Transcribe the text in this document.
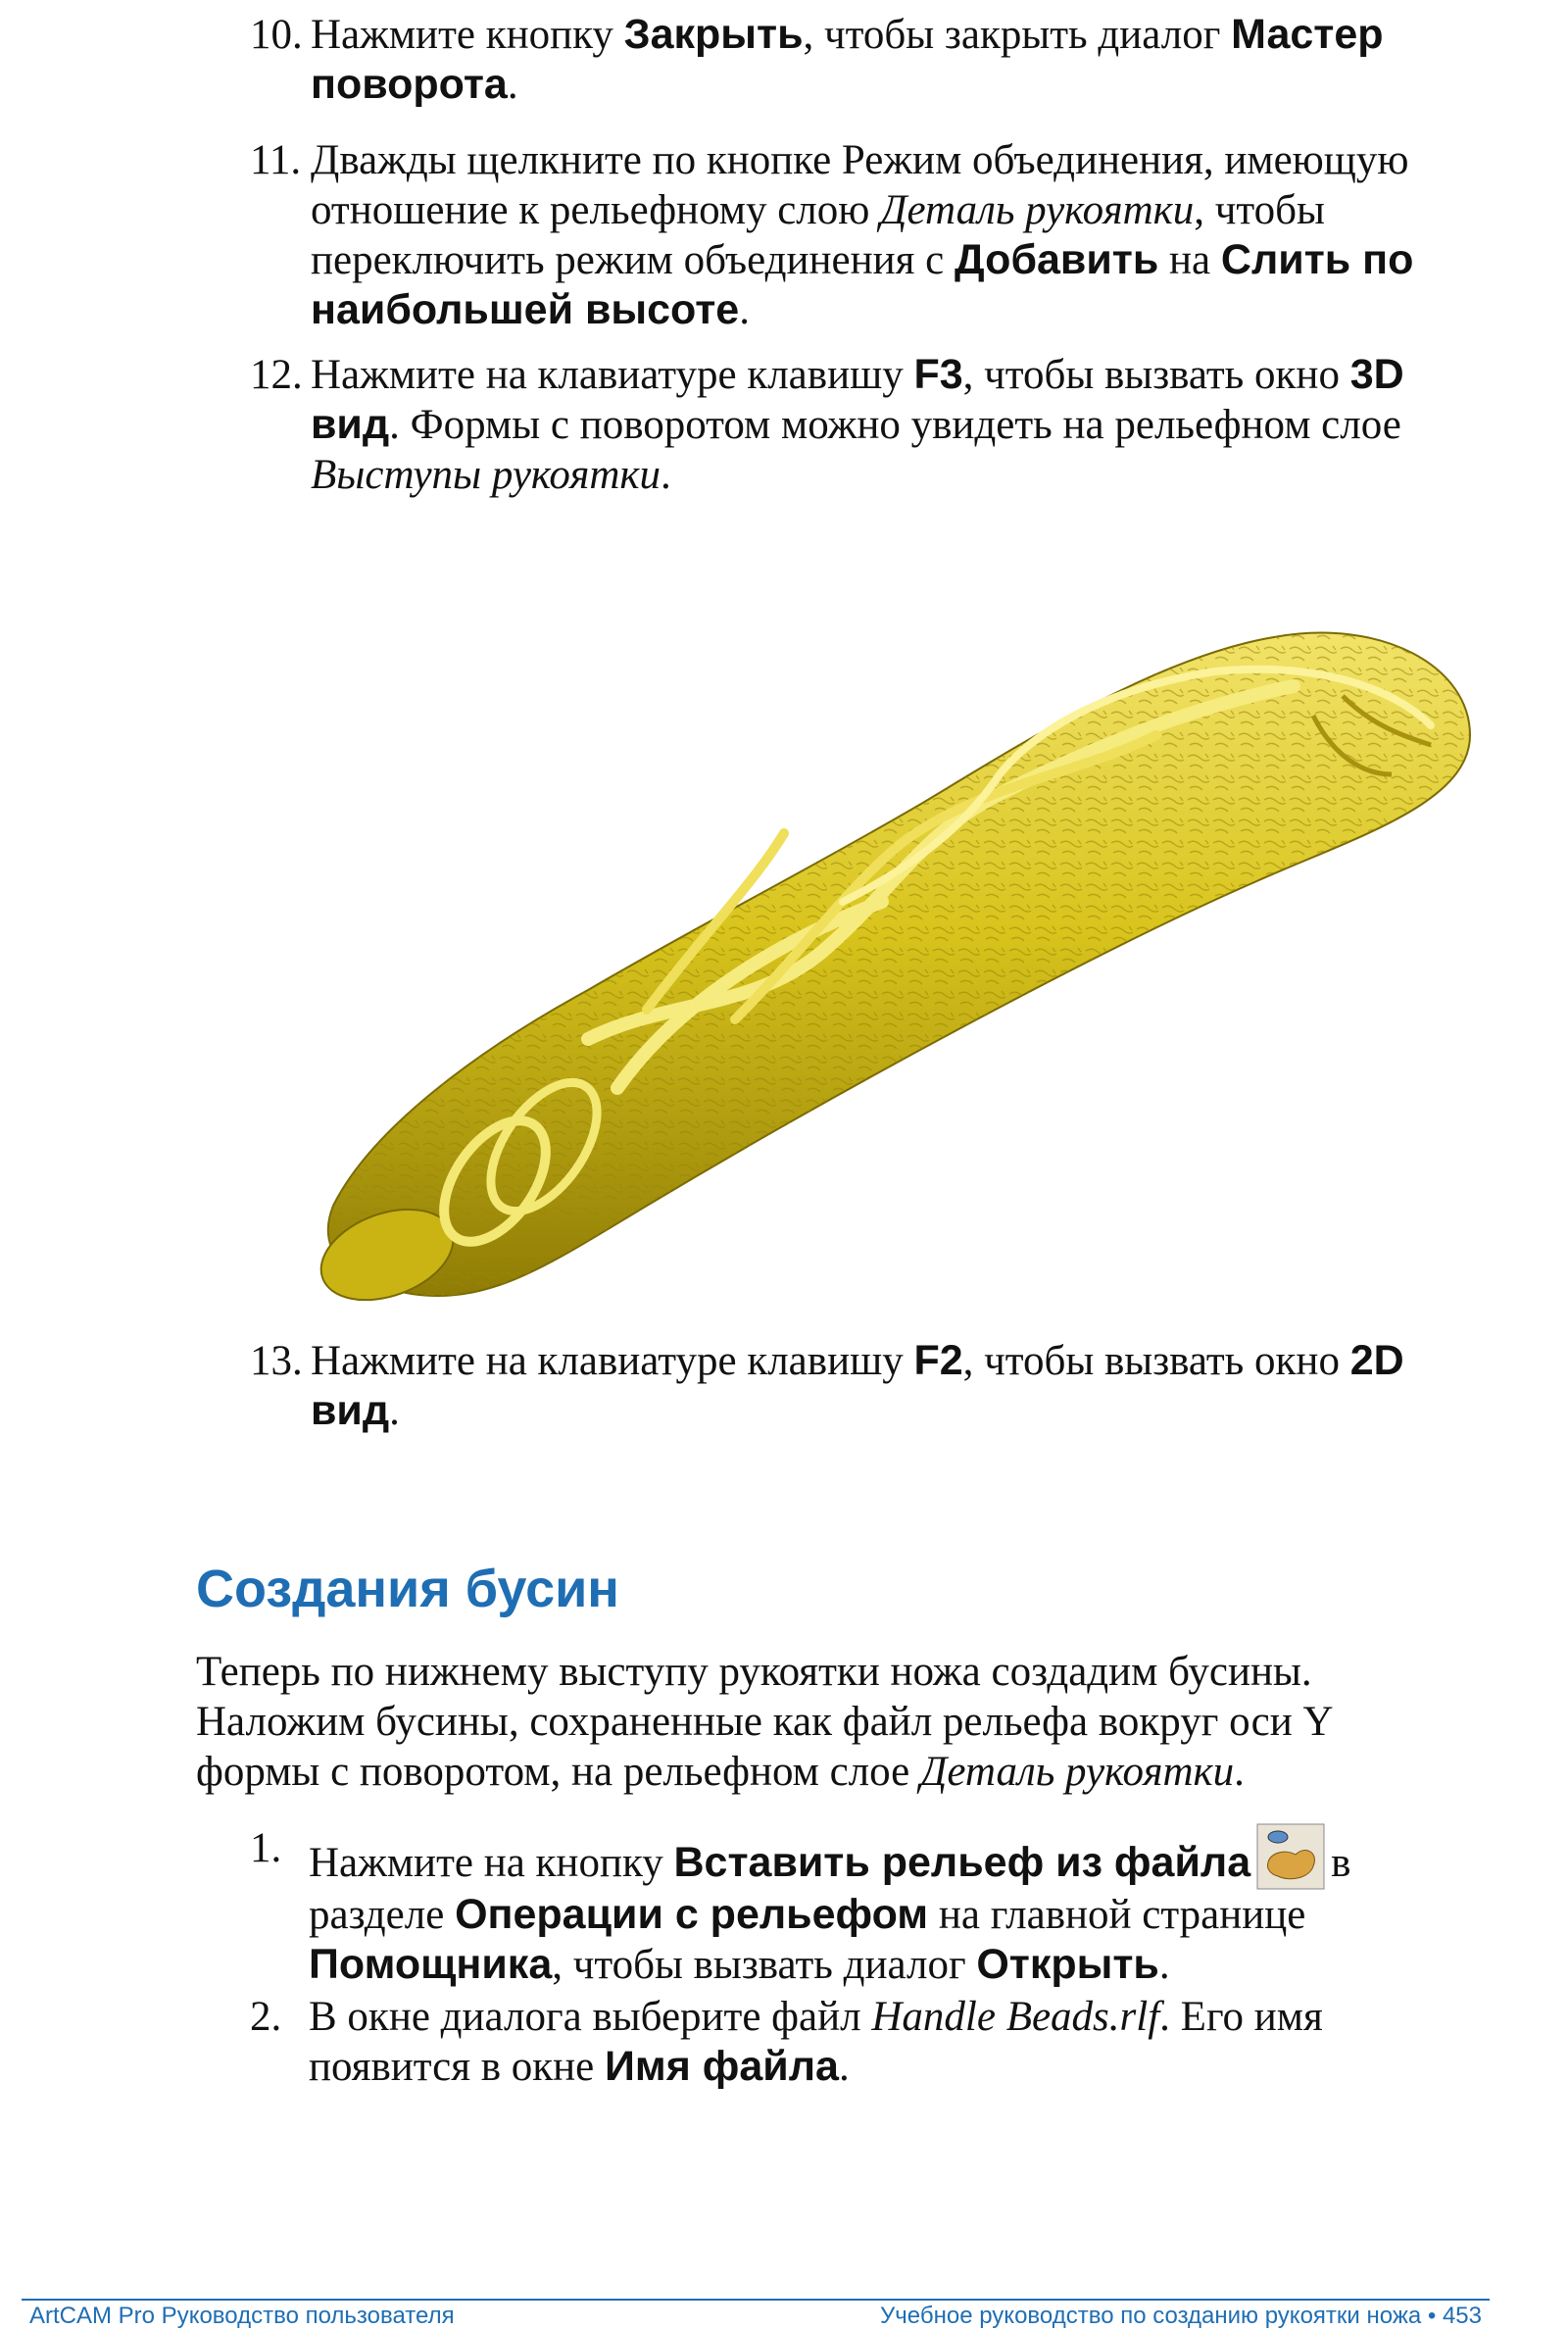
10. Нажмите кнопку Закрыть, чтобы закрыть диалог Мастер поворота.
11. Дважды щелкните по кнопке Режим объединения, имеющую отношение к рельефному слою Деталь рукоятки, чтобы переключить режим объединения с Добавить на Слить по наибольшей высоте.
12. Нажмите на клавиатуре клавишу F3, чтобы вызвать окно 3D вид. Формы с поворотом можно увидеть на рельефном слое Выступы рукоятки.
13. Нажмите на клавиатуре клавишу F2, чтобы вызвать окно 2D вид.
Создания бусин
Теперь по нижнему выступу рукоятки ножа создадим бусины. Наложим бусины, сохраненные как файл рельефа вокруг оси Y формы с поворотом, на рельефном слое Деталь рукоятки.
1. Нажмите на кнопку Вставить рельеф из файла в разделе Операции с рельефом на главной странице Помощника, чтобы вызвать диалог Открыть.
2. В окне диалога выберите файл Handle Beads.rlf. Его имя появится в окне Имя файла.
ArtCAM Pro Руководство пользователя	Учебное руководство по созданию рукоятки ножа • 453
